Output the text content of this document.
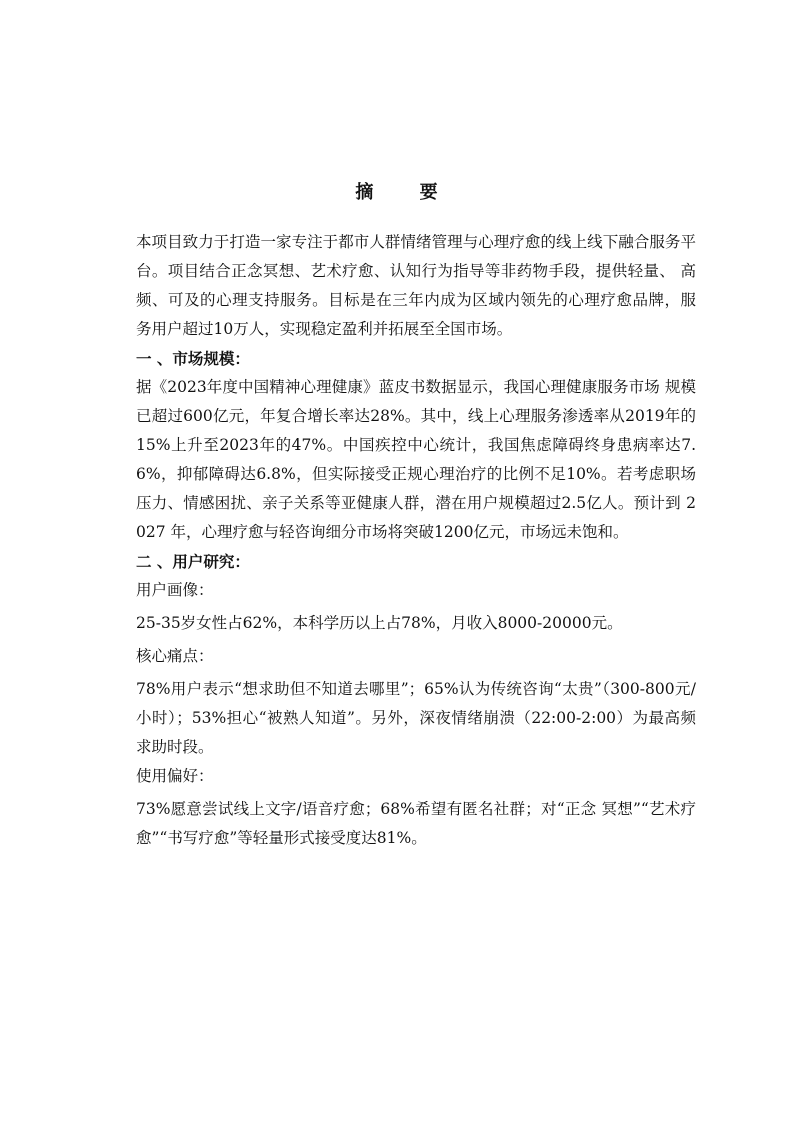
摘 要

本项目致力于打造一家专注于都市人群情绪管理与心理疗愈的线上线下融合服务平台。项目结合正念冥想、艺术疗愈、认知行为指导等非药物手段，提供轻量、 高频、可及的心理支持服务。目标是在三年内成为区域内领先的心理疗愈品牌，服 务用户超过10万人，实现稳定盈利并拓展至全国市场。

一 、市场规模：

据《2023年度中国精神心理健康》蓝皮书数据显示，我国心理健康服务市场 规模已超过600亿元，年复合增长率达28%。其中，线上心理服务渗透率从2019年的15%上升至2023年的47%。中国疾控中心统计，我国焦虑障碍终身患病率达7.6%，抑郁障碍达6.8%，但实际接受正规心理治疗的比例不足10%。若考虑职场压力、情感困扰、亲子关系等亚健康人群，潜在用户规模超过2.5亿人。预计到 2027 年，心理疗愈与轻咨询细分市场将突破1200亿元，市场远未饱和。

二 、用户研究：

用户画像：

25-35岁女性占62%，本科学历以上占78%，月收入8000-20000元。

核心痛点：

78%用户表示“想求助但不知道去哪里”；65%认为传统咨询“太贵”（300-800元/小时）；53%担心“被熟人知道”。另外，深夜情绪崩溃（22:00-2:00）为最高频求助时段。

使用偏好：

73%愿意尝试线上文字/语音疗愈；68%希望有匿名社群；对“正念 冥想”“艺术疗愈”“书写疗愈”等轻量形式接受度达81%。
